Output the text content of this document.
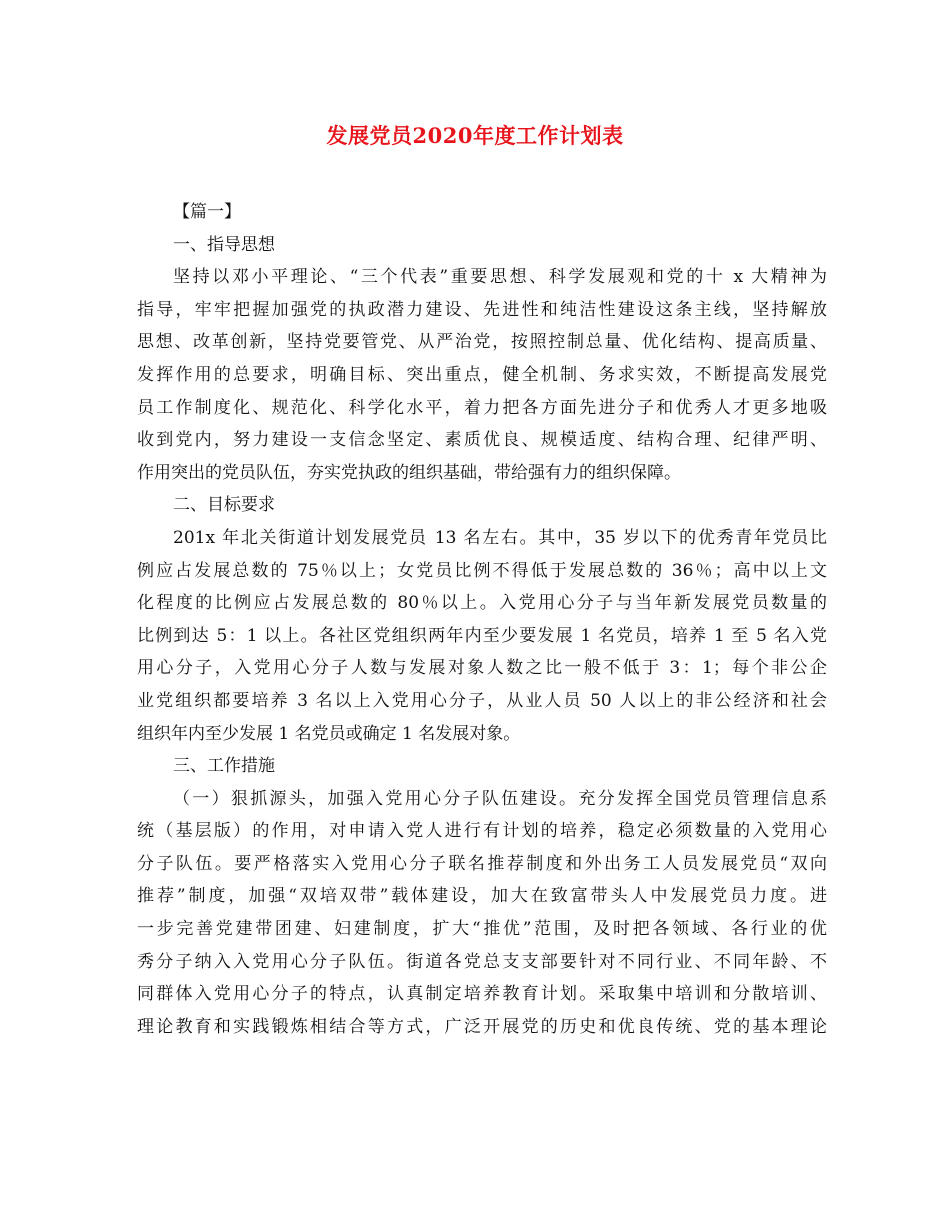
发展党员2020年度工作计划表

【篇一】

一、指导思想

坚持以邓小平理论、“三个代表”重要思想、科学发展观和党的十 x 大精神为

指导，牢牢把握加强党的执政潜力建设、先进性和纯洁性建设这条主线，坚持解放

思想、改革创新，坚持党要管党、从严治党，按照控制总量、优化结构、提高质量、

发挥作用的总要求，明确目标、突出重点，健全机制、务求实效，不断提高发展党

员工作制度化、规范化、科学化水平，着力把各方面先进分子和优秀人才更多地吸

收到党内，努力建设一支信念坚定、素质优良、规模适度、结构合理、纪律严明、

作用突出的党员队伍，夯实党执政的组织基础，带给强有力的组织保障。

二、目标要求

201x 年北关街道计划发展党员 13 名左右。其中，35 岁以下的优秀青年党员比

例应占发展总数的 75％以上；女党员比例不得低于发展总数的 36％；高中以上文

化程度的比例应占发展总数的 80％以上。入党用心分子与当年新发展党员数量的

比例到达 5：1 以上。各社区党组织两年内至少要发展 1 名党员，培养 1 至 5 名入党

用心分子，入党用心分子人数与发展对象人数之比一般不低于 3：1；每个非公企

业党组织都要培养 3 名以上入党用心分子，从业人员 50 人以上的非公经济和社会

组织年内至少发展 1 名党员或确定 1 名发展对象。

三、工作措施

（一）狠抓源头，加强入党用心分子队伍建设。充分发挥全国党员管理信息系

统（基层版）的作用，对申请入党人进行有计划的培养，稳定必须数量的入党用心

分子队伍。要严格落实入党用心分子联名推荐制度和外出务工人员发展党员“双向

推荐”制度，加强“双培双带”载体建设，加大在致富带头人中发展党员力度。进

一步完善党建带团建、妇建制度，扩大“推优”范围，及时把各领域、各行业的优

秀分子纳入入党用心分子队伍。街道各党总支支部要针对不同行业、不同年龄、不

同群体入党用心分子的特点，认真制定培养教育计划。采取集中培训和分散培训、

理论教育和实践锻炼相结合等方式，广泛开展党的历史和优良传统、党的基本理论
